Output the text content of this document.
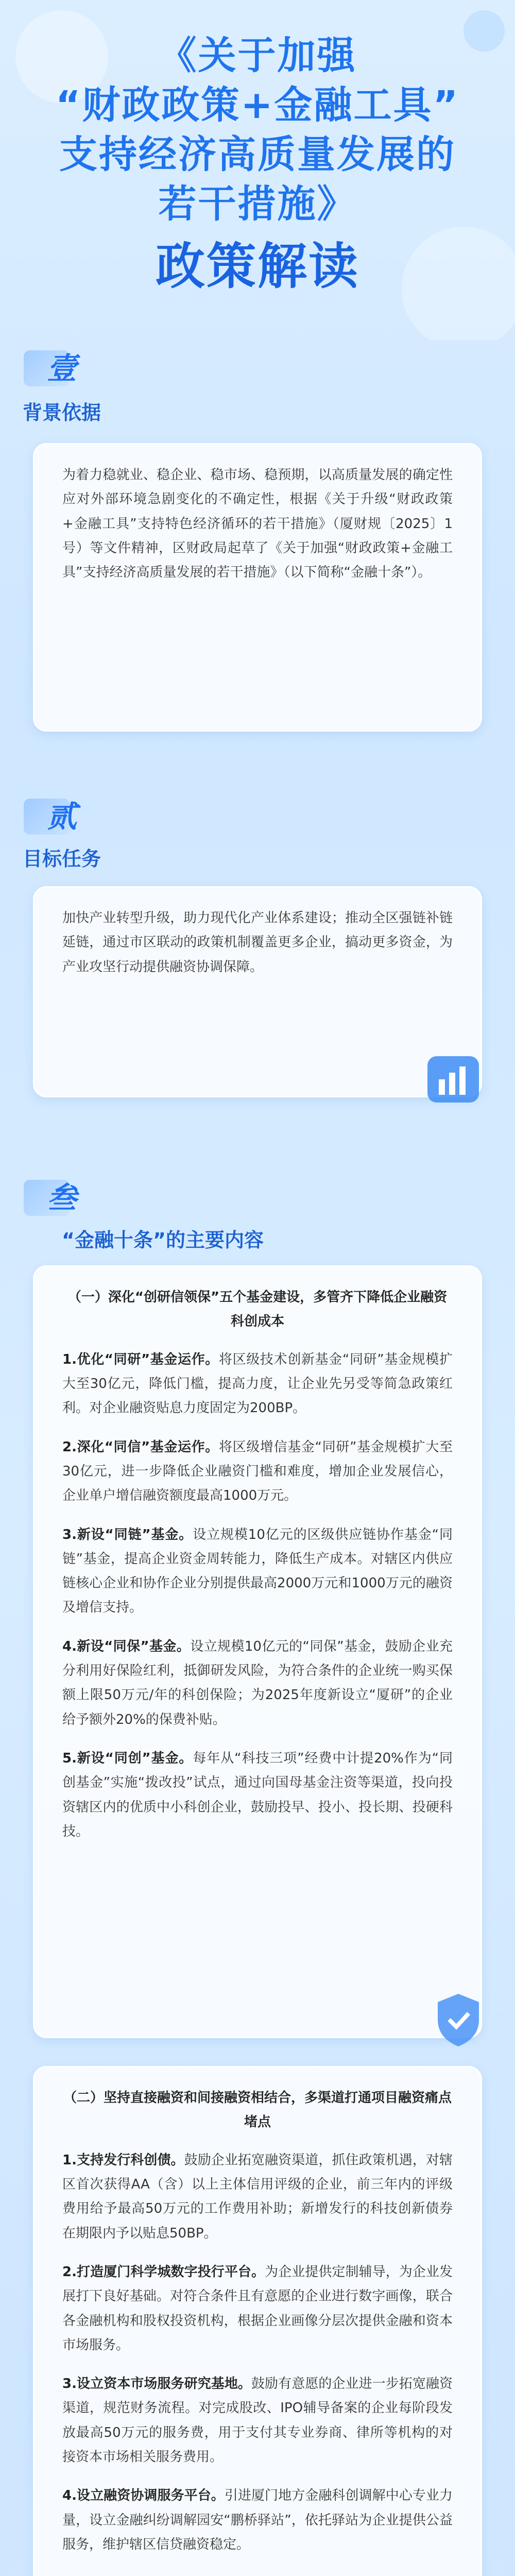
《关于加强
“财政政策+金融工具”
支持经济高质量发展的
若干措施》
政策解读
壹
背景依据

为着力稳就业、稳企业、稳市场、稳预期，以高质量发展的确定性应对外部环境急剧变化的不确定性，根据《关于升级“财政政策+金融工具”支持特色经济循环的若干措施》（厦财规〔2025〕1号）等文件精神，区财政局起草了《关于加强“财政政策+金融工具”支持经济高质量发展的若干措施》（以下简称“金融十条”）。

贰
目标任务

加快产业转型升级，助力现代化产业体系建设；推动全区强链补链延链，通过市区联动的政策机制覆盖更多企业，搞动更多资金，为产业攻坚行动提供融资协调保障。

叁
“金融十条”的主要内容

（一）深化“创研信领保”五个基金建设，多管齐下降低企业融资科创成本

1.优化“同研”基金运作。将区级技术创新基金“同研”基金规模扩大至30亿元，降低门槛，提高力度，让企业先另受等简急政策红利。对企业融资贴息力度固定为200BP。

2.深化“同信”基金运作。将区级增信基金“同研”基金规模扩大至30亿元，进一步降低企业融资门槛和难度，增加企业发展信心，企业单户增信融资额度最高1000万元。

3.新设“同链”基金。设立规模10亿元的区级供应链协作基金“同链”基金，提高企业资金周转能力，降低生产成本。对辖区内供应链核心企业和协作企业分别提供最高2000万元和1000万元的融资及增信支持。

4.新设“同保”基金。设立规模10亿元的“同保”基金，鼓励企业充分利用好保险红利，抵御研发风险，为符合条件的企业统一购买保额上限50万元/年的科创保险；为2025年度新设立“厦研”的企业给予额外20%的保费补贴。

5.新设“同创”基金。每年从“科技三项”经费中计提20%作为“同创基金”实施“拨改投”试点，通过向国母基金注资等渠道，投向投资辖区内的优质中小科创企业，鼓励投早、投小、投长期、投硬科技。

（二）坚持直接融资和间接融资相结合，多渠道打通项目融资痛点堵点

1.支持发行科创债。鼓励企业拓宽融资渠道，抓住政策机遇，对辖区首次获得AA（含）以上主体信用评级的企业，前三年内的评级费用给予最高50万元的工作费用补助；新增发行的科技创新债券在期限内予以贴息50BP。

2.打造厦门科学城数字投行平台。为企业提供定制辅导，为企业发展打下良好基础。对符合条件且有意愿的企业进行数字画像，联合各金融机构和股权投资机构，根据企业画像分层次提供金融和资本市场服务。

3.设立资本市场服务研究基地。鼓励有意愿的企业进一步拓宽融资渠道，规范财务流程。对完成股改、IPO辅导备案的企业每阶段发放最高50万元的服务费，用于支付其专业券商、律所等机构的对接资本市场相关服务费用。

4.设立融资协调服务平台。引进厦门地方金融科创调解中心专业力量，设立金融纠纷调解园安“鹏桥驿站”，依托驿站为企业提供公益服务，维护辖区信贷融资稳定。
